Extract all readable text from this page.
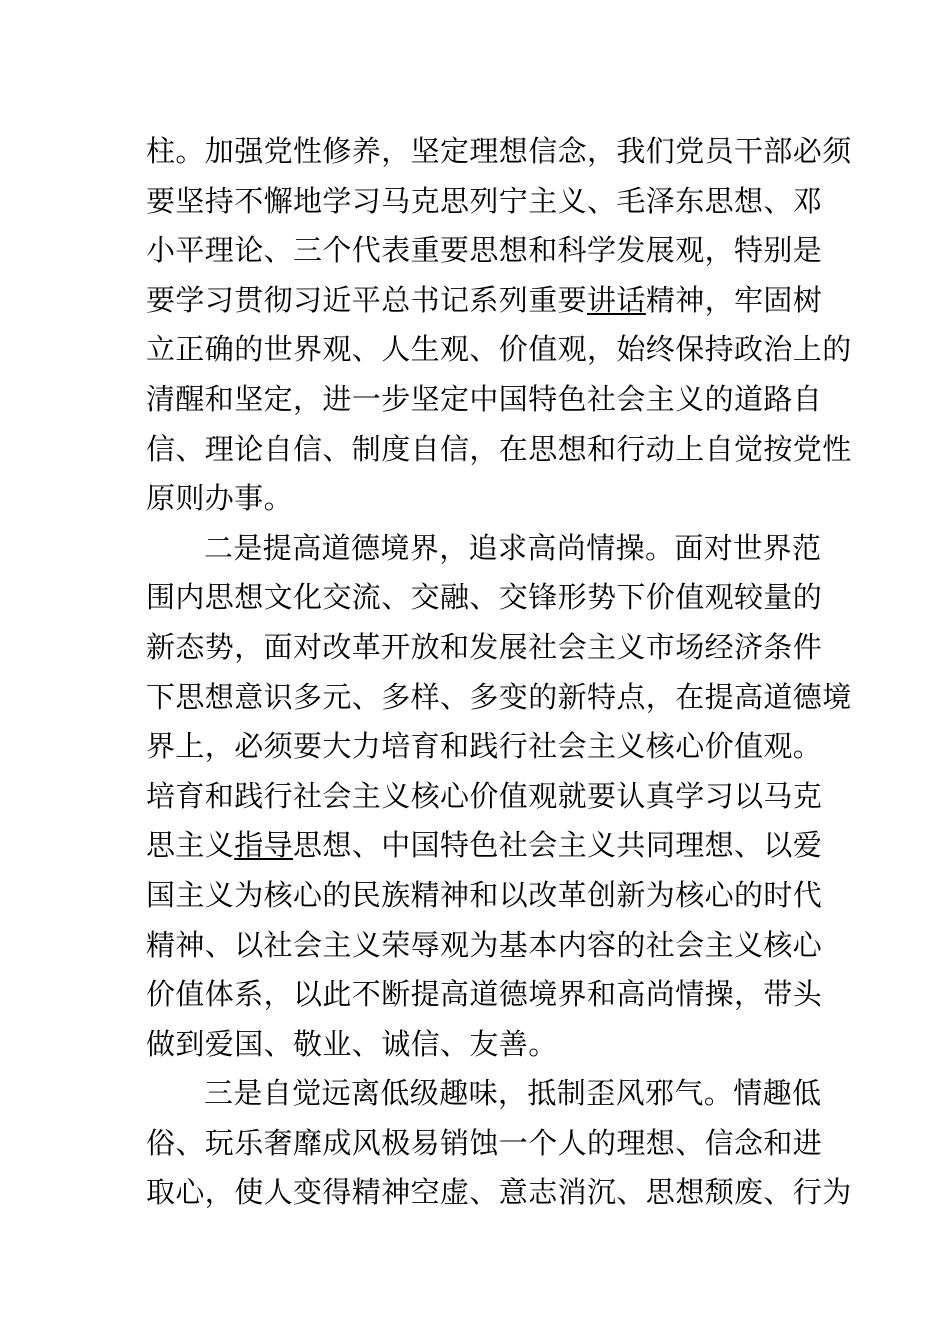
柱。加强党性修养，坚定理想信念，我们党员干部必须
要坚持不懈地学习马克思列宁主义、毛泽东思想、邓
小平理论、三个代表重要思想和科学发展观，特别是
要学习贯彻习近平总书记系列重要讲话精神，牢固树
立正确的世界观、人生观、价值观，始终保持政治上的
清醒和坚定，进一步坚定中国特色社会主义的道路自
信、理论自信、制度自信，在思想和行动上自觉按党性
原则办事。
二是提高道德境界，追求高尚情操。面对世界范
围内思想文化交流、交融、交锋形势下价值观较量的
新态势，面对改革开放和发展社会主义市场经济条件
下思想意识多元、多样、多变的新特点，在提高道德境
界上，必须要大力培育和践行社会主义核心价值观。
培育和践行社会主义核心价值观就要认真学习以马克
思主义指导思想、中国特色社会主义共同理想、以爱
国主义为核心的民族精神和以改革创新为核心的时代
精神、以社会主义荣辱观为基本内容的社会主义核心
价值体系，以此不断提高道德境界和高尚情操，带头
做到爱国、敬业、诚信、友善。
三是自觉远离低级趣味，抵制歪风邪气。情趣低
俗、玩乐奢靡成风极易销蚀一个人的理想、信念和进
取心，使人变得精神空虚、意志消沉、思想颓废、行为
